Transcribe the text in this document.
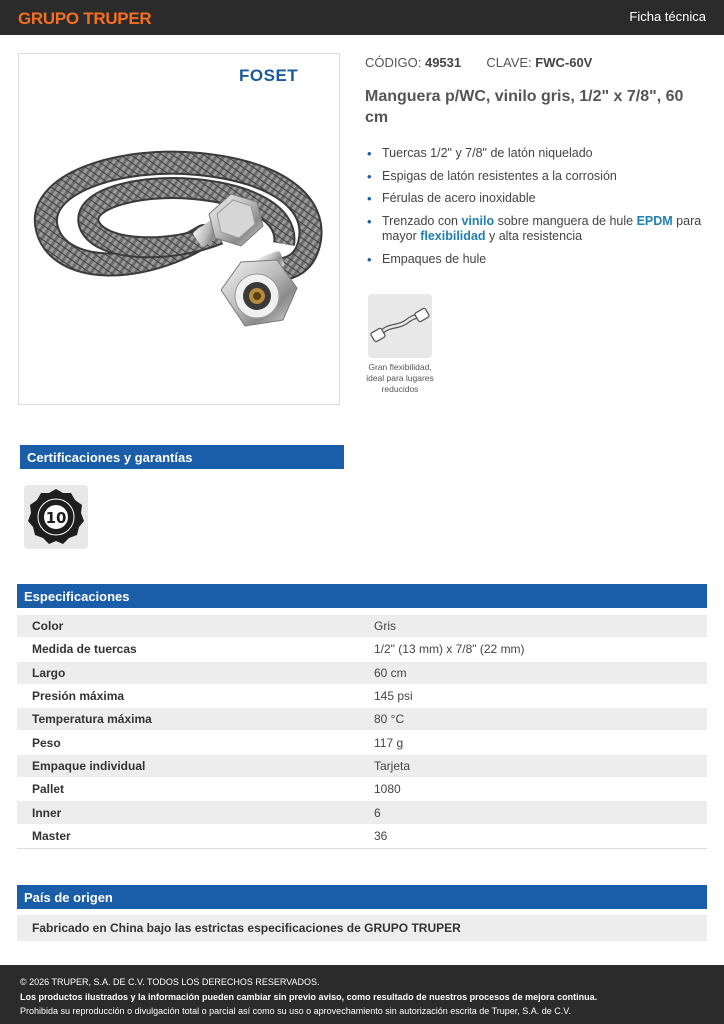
GRUPO TRUPER	Ficha técnica
FOSET
CÓDIGO: 49531 CLAVE: FWC-60V
Manguera p/WC, vinilo gris, 1/2" x 7/8", 60 cm
• Tuercas 1/2" y 7/8" de latón niquelado
• Espigas de latón resistentes a la corrosión
• Férulas de acero inoxidable
• Trenzado con vinilo sobre manguera de hule EPDM para mayor flexibilidad y alta resistencia
• Empaques de hule
Gran flexibilidad, ideal para lugares reducidos
Certificaciones y garantías
10
Especificaciones
Color	Gris
Medida de tuercas	1/2" (13 mm) x 7/8" (22 mm)
Largo	60 cm
Presión máxima	145 psi
Temperatura máxima	80 °C
Peso	117 g
Empaque individual	Tarjeta
Pallet	1080
Inner	6
Master	36
País de origen
Fabricado en China bajo las estrictas especificaciones de GRUPO TRUPER
© 2026 TRUPER, S.A. DE C.V. TODOS LOS DERECHOS RESERVADOS.
Los productos ilustrados y la información pueden cambiar sin previo aviso, como resultado de nuestros procesos de mejora continua.
Prohibida su reproducción o divulgación total o parcial así como su uso o aprovechamiento sin autorización escrita de Truper, S.A. de C.V.
